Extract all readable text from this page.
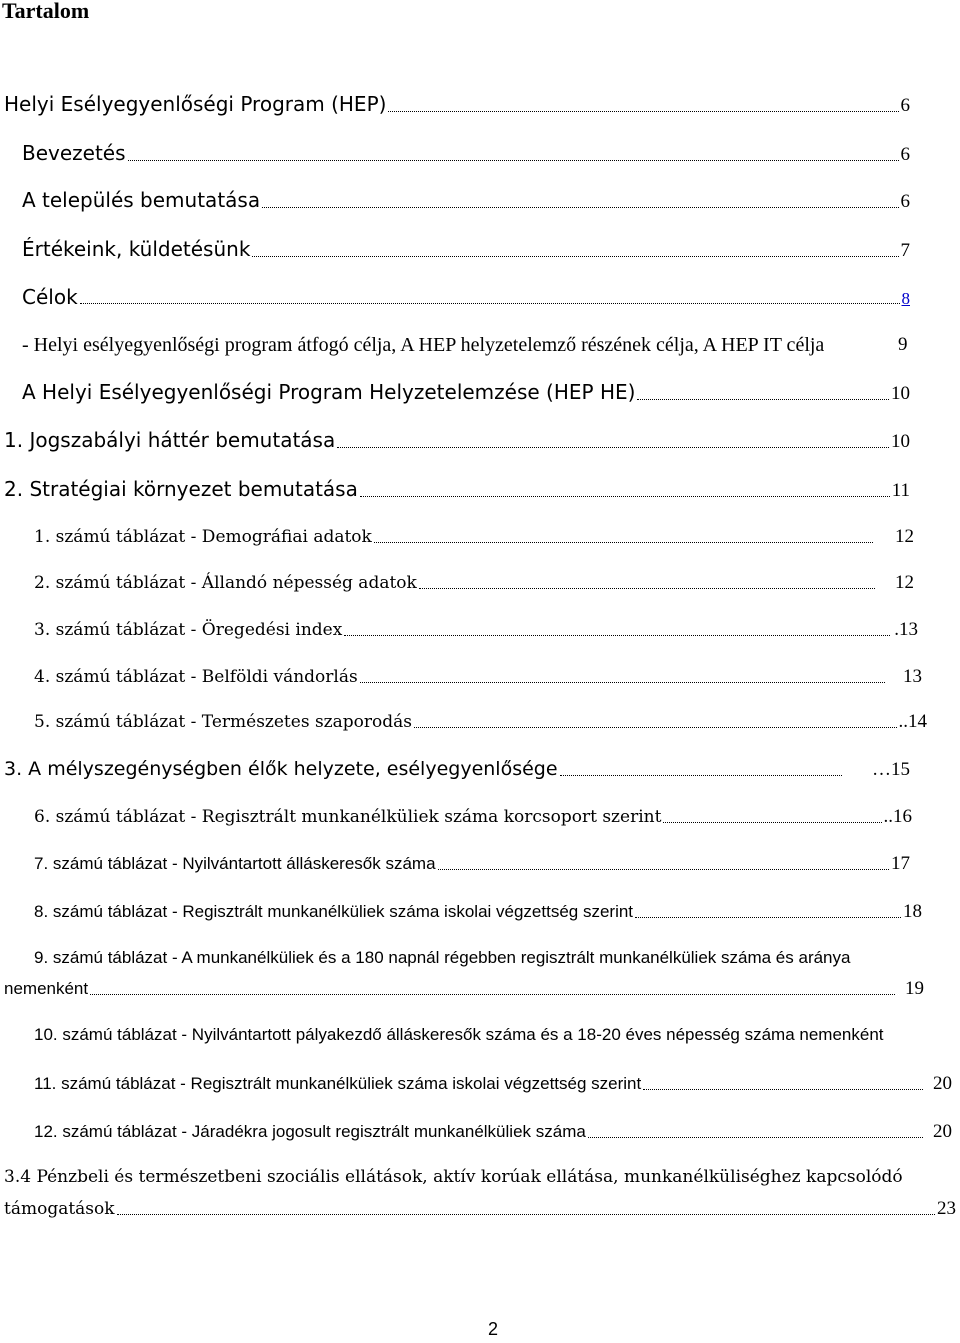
Tartalom
Helyi Esélyegyenlőségi Program (HEP)	6
Bevezetés	6
A település bemutatása	6
Értékeink, küldetésünk	7
Célok	8
- Helyi esélyegyenlőségi program átfogó célja, A HEP helyzetelemző részének célja, A HEP IT célja	9
A Helyi Esélyegyenlőségi Program Helyzetelemzése (HEP HE)	10
1. Jogszabályi háttér bemutatása	10
2. Stratégiai környezet bemutatása	11
1. számú táblázat - Demográfiai adatok	12
2. számú táblázat - Állandó népesség adatok	12
3. számú táblázat - Öregedési index	.13
4. számú táblázat - Belföldi vándorlás	13
5. számú táblázat - Természetes szaporodás	..14
3. A mélyszegénységben élők helyzete, esélyegyenlősége	…15
6. számú táblázat - Regisztrált munkanélküliek száma korcsoport szerint	..16
7. számú táblázat - Nyilvántartott álláskeresők száma	17
8. számú táblázat - Regisztrált munkanélküliek száma iskolai végzettség szerint	18
9. számú táblázat - A munkanélküliek és a 180 napnál régebben regisztrált munkanélküliek száma és aránya
nemenként	19
10. számú táblázat - Nyilvántartott pályakezdő álláskeresők száma és a 18-20 éves népesség száma nemenként
11. számú táblázat - Regisztrált munkanélküliek száma iskolai végzettség szerint	20
12. számú táblázat - Járadékra jogosult regisztrált munkanélküliek száma	20
3.4 Pénzbeli és természetbeni szociális ellátások, aktív korúak ellátása, munkanélküliséghez kapcsolódó
támogatások	23
2
